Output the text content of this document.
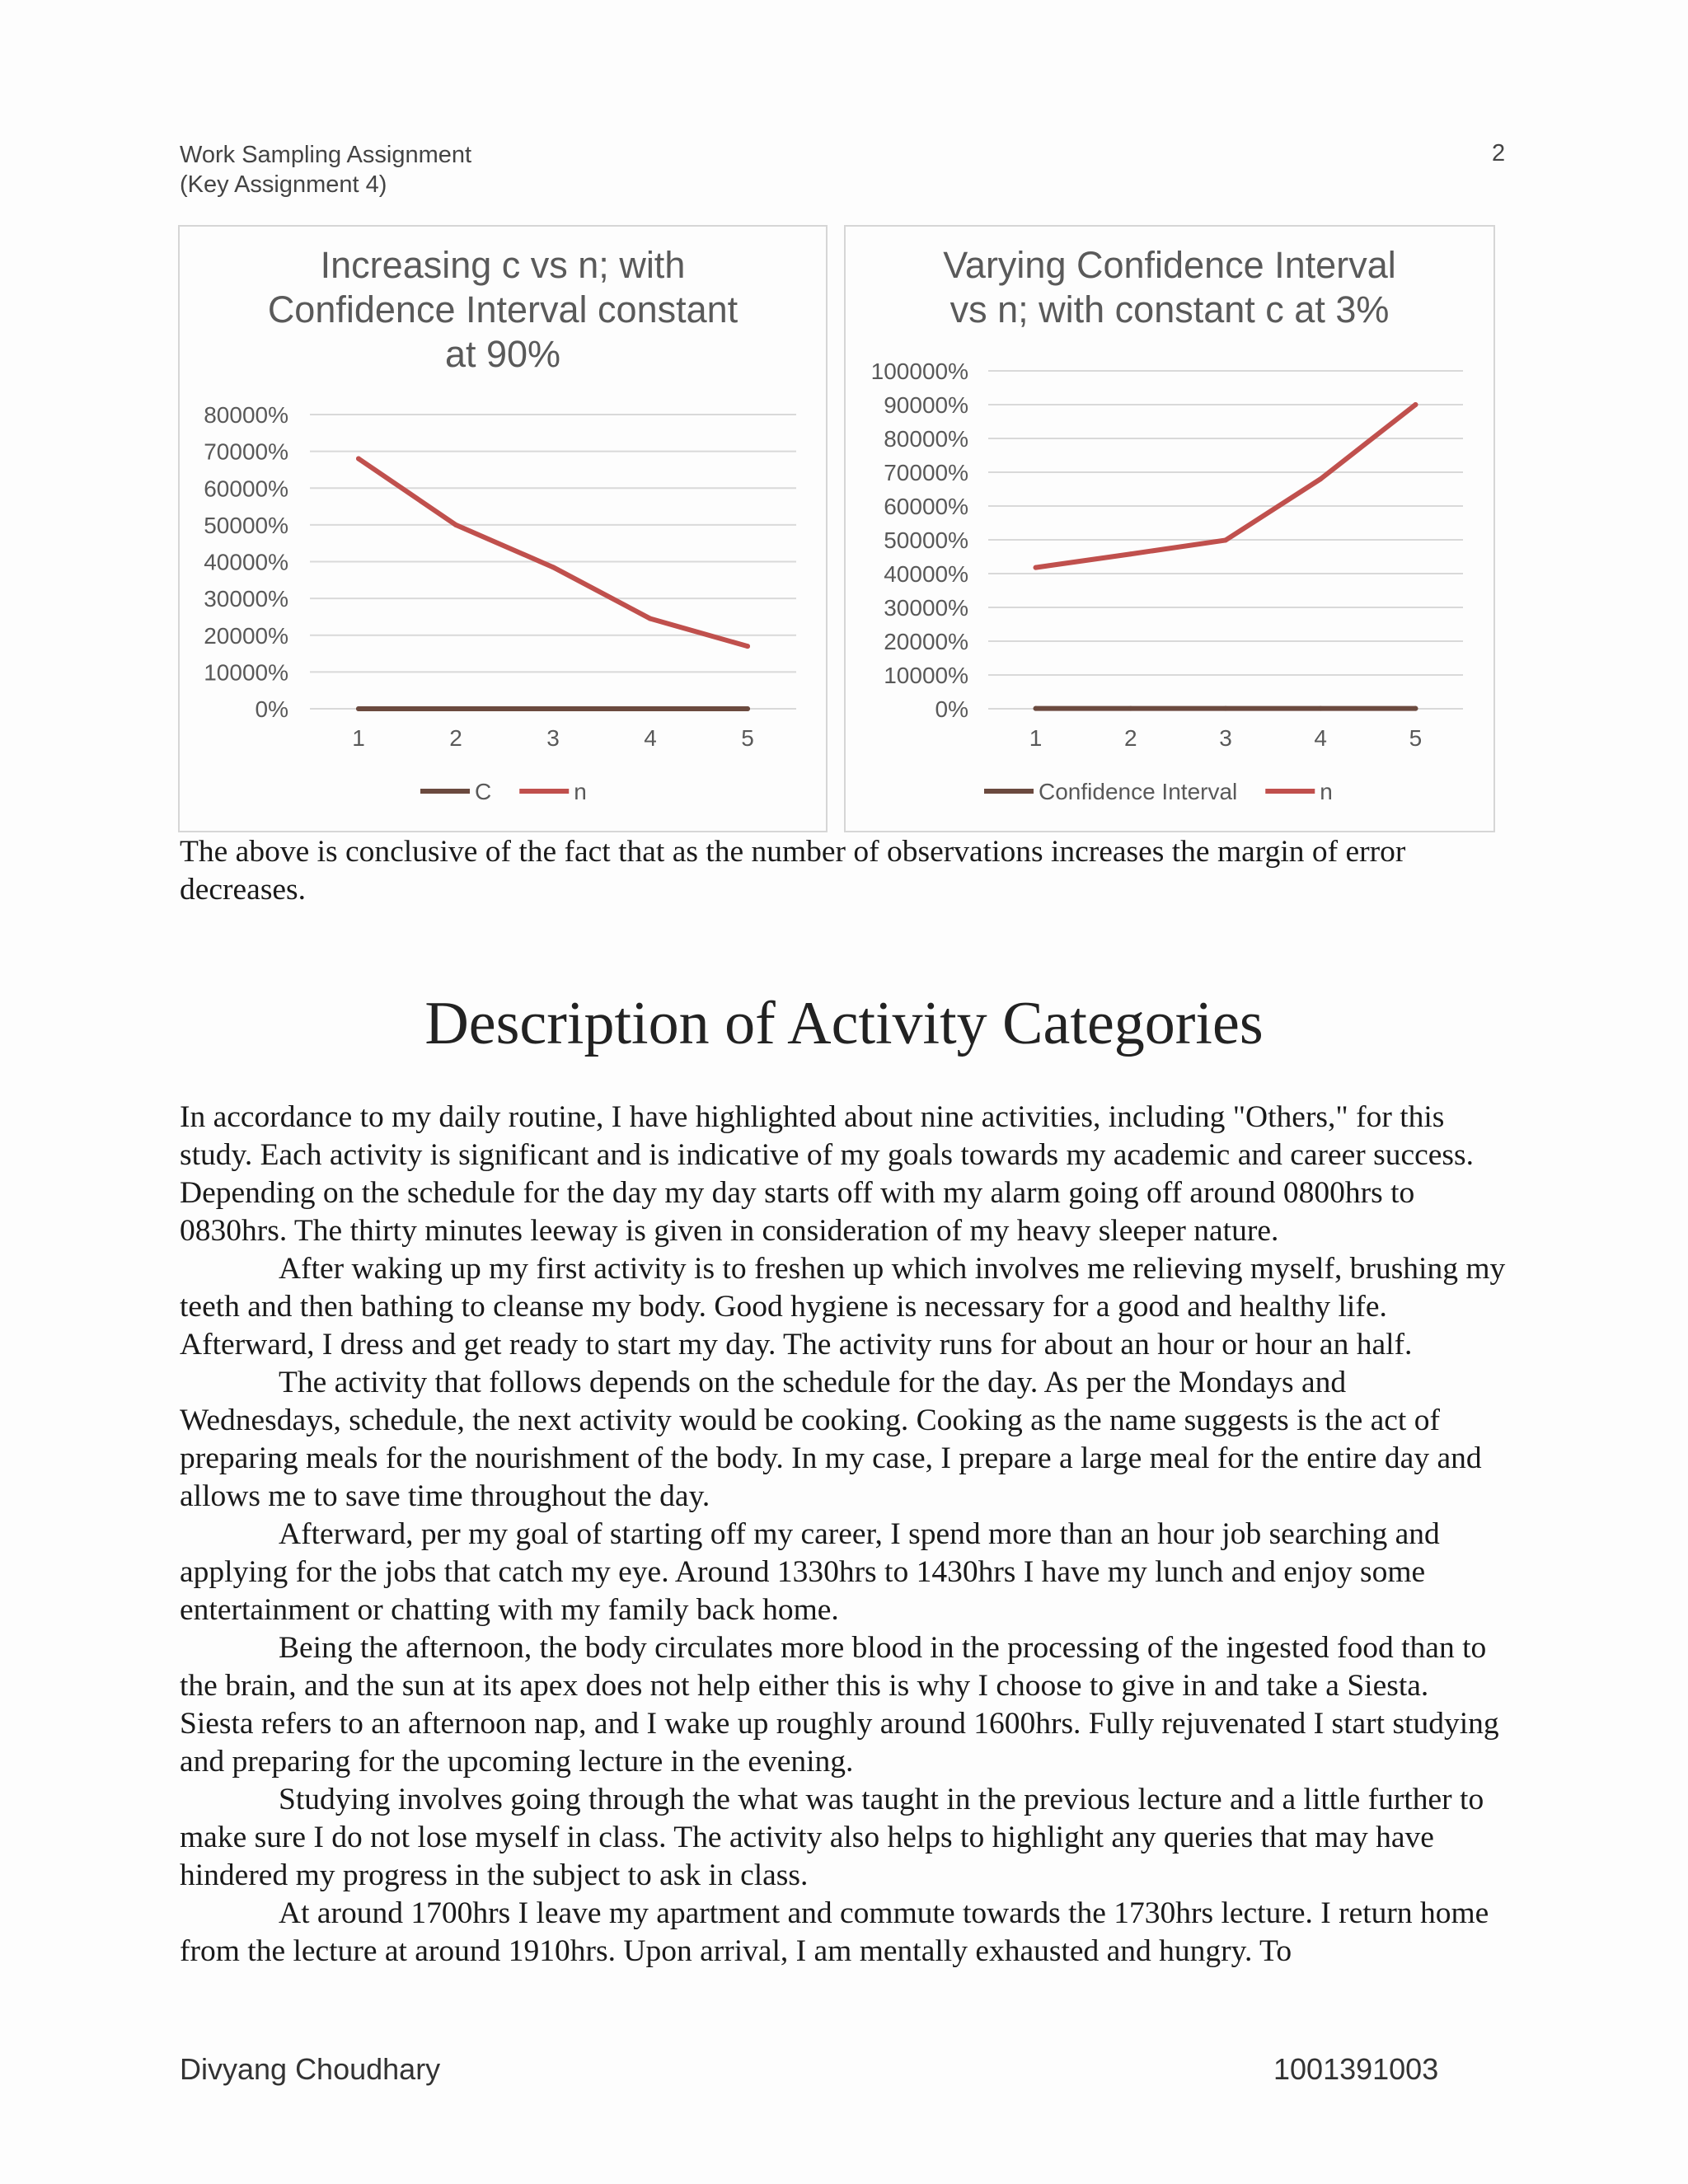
Work Sampling Assignment
(Key Assignment 4)
2
Increasing c vs n; with
Confidence Interval constant
at 90%
0%
10000%
20000%
30000%
40000%
50000%
60000%
70000%
80000%
1	2	3	4	5
C	n
Varying Confidence Interval
vs n; with constant c at 3%
0%
10000%
20000%
30000%
40000%
50000%
60000%
70000%
80000%
90000%
100000%
1	2	3	4	5
Confidence Interval	n

The above is conclusive of the fact that as the number of observations increases the margin of error decreases.

Description of Activity Categories

In accordance to my daily routine, I have highlighted about nine activities, including "Others," for this study. Each activity is significant and is indicative of my goals towards my academic and career success. Depending on the schedule for the day my day starts off with my alarm going off around 0800hrs to 0830hrs. The thirty minutes leeway is given in consideration of my heavy sleeper nature.

After waking up my first activity is to freshen up which involves me relieving myself, brushing my teeth and then bathing to cleanse my body. Good hygiene is necessary for a good and healthy life. Afterward, I dress and get ready to start my day. The activity runs for about an hour or hour an half.

The activity that follows depends on the schedule for the day. As per the Mondays and Wednesdays, schedule, the next activity would be cooking. Cooking as the name suggests is the act of preparing meals for the nourishment of the body. In my case, I prepare a large meal for the entire day and allows me to save time throughout the day.

Afterward, per my goal of starting off my career, I spend more than an hour job searching and applying for the jobs that catch my eye. Around 1330hrs to 1430hrs I have my lunch and enjoy some entertainment or chatting with my family back home.

Being the afternoon, the body circulates more blood in the processing of the ingested food than to the brain, and the sun at its apex does not help either this is why I choose to give in and take a Siesta. Siesta refers to an afternoon nap, and I wake up roughly around 1600hrs. Fully rejuvenated I start studying and preparing for the upcoming lecture in the evening.

Studying involves going through the what was taught in the previous lecture and a little further to make sure I do not lose myself in class. The activity also helps to highlight any queries that may have hindered my progress in the subject to ask in class.

At around 1700hrs I leave my apartment and commute towards the 1730hrs lecture. I return home from the lecture at around 1910hrs. Upon arrival, I am mentally exhausted and hungry. To

Divyang Choudhary	1001391003
